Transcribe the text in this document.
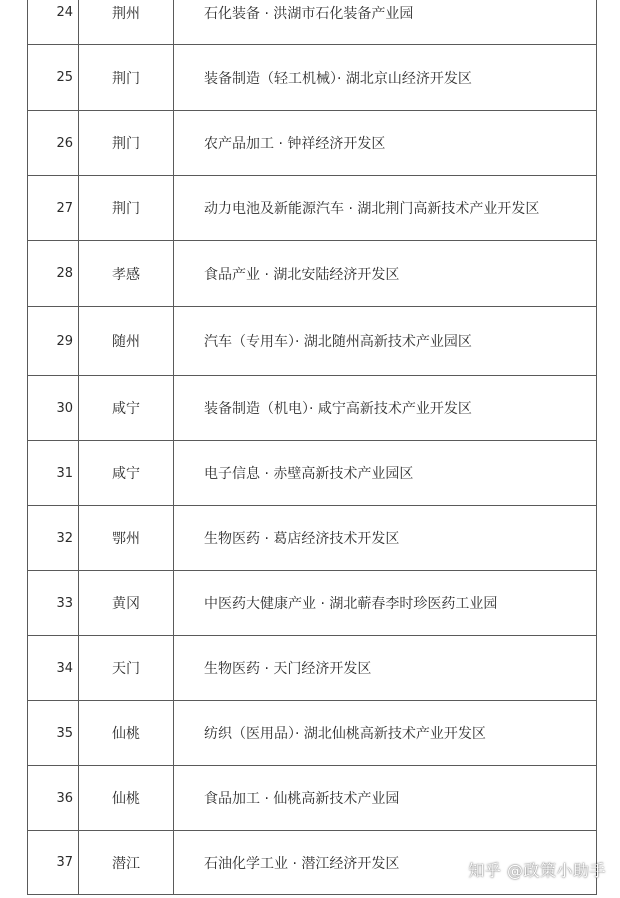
24	荆州	石化装备 · 洪湖市石化装备产业园
25	荆门	装备制造（轻工机械）· 湖北京山经济开发区
26	荆门	农产品加工 · 钟祥经济开发区
27	荆门	动力电池及新能源汽车 · 湖北荆门高新技术产业开发区
28	孝感	食品产业 · 湖北安陆经济开发区
29	随州	汽车（专用车）· 湖北随州高新技术产业园区
30	咸宁	装备制造（机电）· 咸宁高新技术产业开发区
31	咸宁	电子信息 · 赤壁高新技术产业园区
32	鄂州	生物医药 · 葛店经济技术开发区
33	黄冈	中医药大健康产业 · 湖北蕲春李时珍医药工业园
34	天门	生物医药 · 天门经济开发区
35	仙桃	纺织（医用品）· 湖北仙桃高新技术产业开发区
36	仙桃	食品加工 · 仙桃高新技术产业园
37	潜江	石油化学工业 · 潜江经济开发区	知乎 @政策小助手
